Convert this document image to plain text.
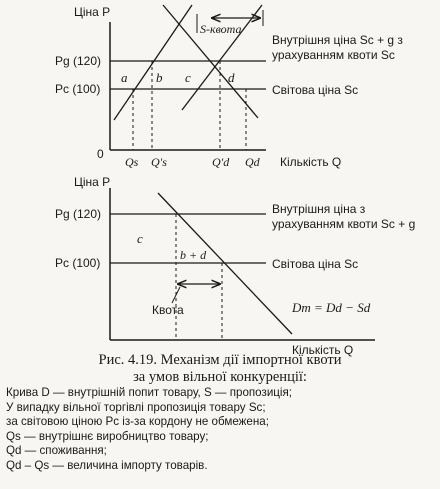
Ціна P
Pg (120)
Pc (100)
0
S-квота
Внутрішня ціна Sc + g з
урахуванням квоти Sc
Світова ціна Sc
a b c	d
Qs Q's	Q'd Qd Кількість Q
Ціна P
Pg (120)
Pc (100)
Внутрішня ціна з
урахуванням квоти Sc + g
Світова ціна Sc
c
b + d
Квота	Dm = Dd − Sd
Кількість Q
Рис. 4.19. Механізм дії імпортної квоти
за умов вільної конкуренції:
Крива D — внутрішній попит товару, S — пропозиція;
У випадку вільної торгівлі пропозиція товару Sc;
за світовою ціною Pc із-за кордону не обмежена;
Qs — внутрішнє виробництво товару;
Qd — споживання;
Qd – Qs — величина імпорту товарів.
